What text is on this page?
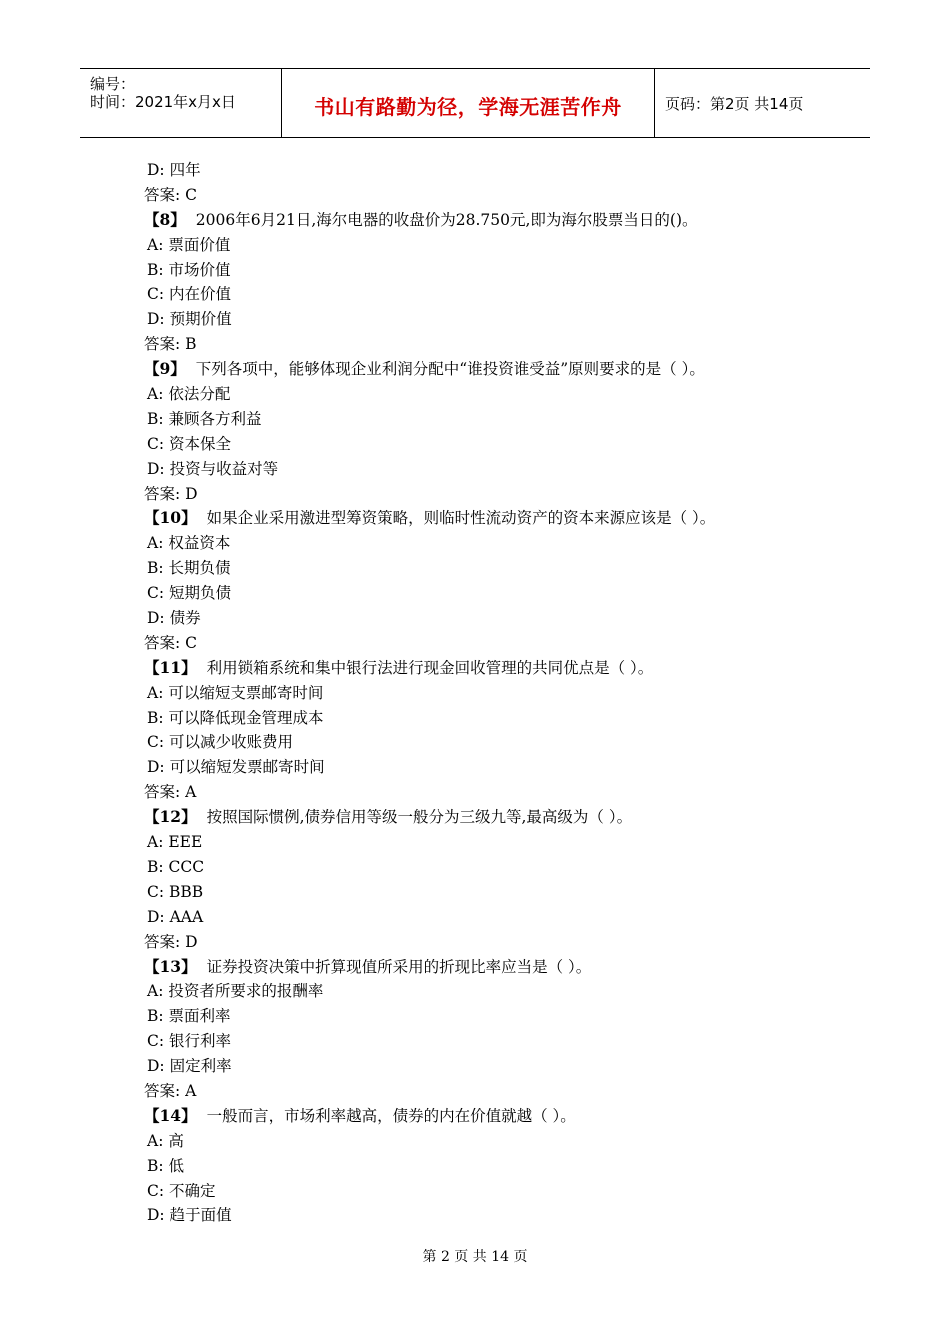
编号：
时间：2021年x月x日	书山有路勤为径，学海无涯苦作舟	页码：第2页 共14页
D: 四年
答案: C
【8】 2006年6月21日,海尔电器的收盘价为28.750元,即为海尔股票当日的()。
A: 票面价值
B: 市场价值
C: 内在价值
D: 预期价值
答案: B
【9】 下列各项中，能够体现企业利润分配中“谁投资谁受益”原则要求的是（ ）。
A: 依法分配
B: 兼顾各方利益
C: 资本保全
D: 投资与收益对等
答案: D
【10】 如果企业采用激进型筹资策略，则临时性流动资产的资本来源应该是（ ）。
A: 权益资本
B: 长期负债
C: 短期负债
D: 债券
答案: C
【11】 利用锁箱系统和集中银行法进行现金回收管理的共同优点是（ ）。
A: 可以缩短支票邮寄时间
B: 可以降低现金管理成本
C: 可以减少收账费用
D: 可以缩短发票邮寄时间
答案: A
【12】 按照国际惯例,债券信用等级一般分为三级九等,最高级为（ ）。
A: EEE
B: CCC
C: BBB
D: AAA
答案: D
【13】 证券投资决策中折算现值所采用的折现比率应当是（ ）。
A: 投资者所要求的报酬率
B: 票面利率
C: 银行利率
D: 固定利率
答案: A
【14】 一般而言，市场利率越高，债券的内在价值就越（ ）。
A: 高
B: 低
C: 不确定
D: 趋于面值
第 2 页 共 14 页
